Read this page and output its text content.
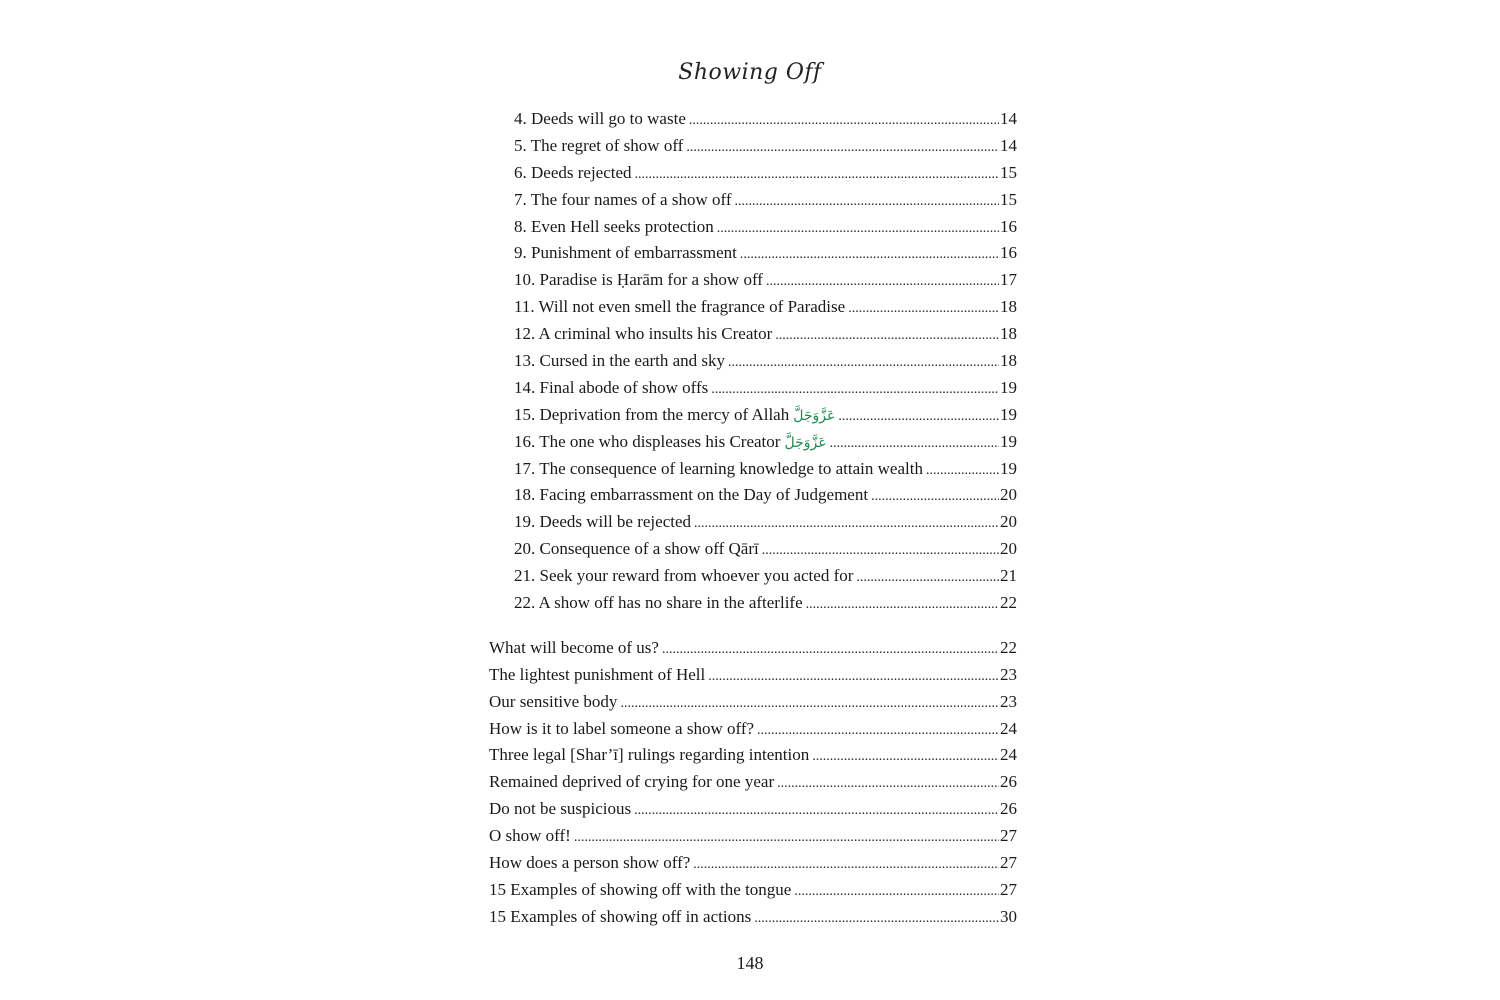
Showing Off
4. Deeds will go to waste .....	14
5. The regret of show off .....	14
6. Deeds rejected .....	15
7. The four names of a show off .....	15
8. Even Hell seeks protection .....	16
9. Punishment of embarrassment .....	16
10. Paradise is Ḥarām for a show off .....	17
11. Will not even smell the fragrance of Paradise .....	18
12. A criminal who insults his Creator .....	18
13. Cursed in the earth and sky .....	18
14. Final abode of show offs .....	19
15. Deprivation from the mercy of Allah عَزَّوَجَلَّ .....	19
16. The one who displeases his Creator عَزَّوَجَلَّ .....	19
17. The consequence of learning knowledge to attain wealth .....	19
18. Facing embarrassment on the Day of Judgement .....	20
19. Deeds will be rejected .....	20
20. Consequence of a show off Qārī .....	20
21. Seek your reward from whoever you acted for .....	21
22. A show off has no share in the afterlife .....	22
What will become of us? .....	22
The lightest punishment of Hell .....	23
Our sensitive body .....	23
How is it to label someone a show off? .....	24
Three legal [Shar’ī] rulings regarding intention .....	24
Remained deprived of crying for one year .....	26
Do not be suspicious .....	26
O show off! .....	27
How does a person show off? .....	27
15 Examples of showing off with the tongue .....	27
15 Examples of showing off in actions .....	30
148
